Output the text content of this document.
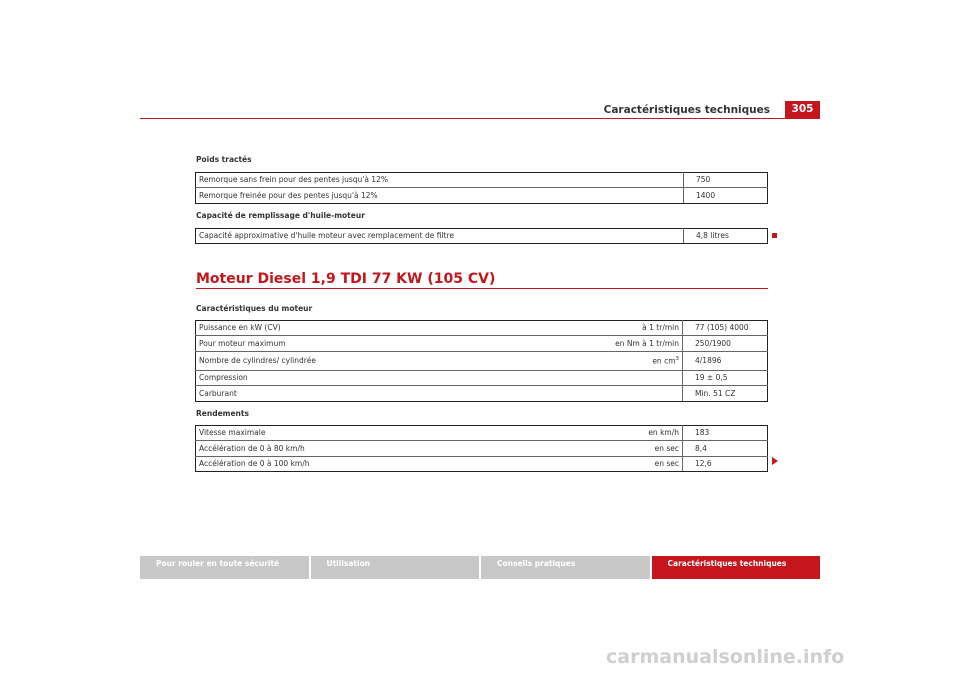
Caractéristiques techniques	305
Poids tractés
Remorque sans frein pour des pentes jusqu'à 12%	750
Remorque freinée pour des pentes jusqu'à 12%	1400
Capacité de remplissage d'huile-moteur
Capacité approximative d'huile moteur avec remplacement de filtre	4,8 litres
Moteur Diesel 1,9 TDI 77 KW (105 CV)
Caractéristiques du moteur
Puissance en kW (CV)	à 1 tr/min	77 (105) 4000
Pour moteur maximum	en Nm à 1 tr/min	250/1900
Nombre de cylindres/ cylindrée	en $cm^3$	4/1896
Compression		19 ± 0,5
Carburant		Min. 51 CZ
Rendements
Vitesse maximale	en km/h	183
Accélération de 0 à 80 km/h	en sec	8,4
Accélération de 0 à 100 km/h	en sec	12,6
Pour rouler en toute sécurité	Utilisation	Conseils pratiques	Caractéristiques techniques
carmanualsonline.info
